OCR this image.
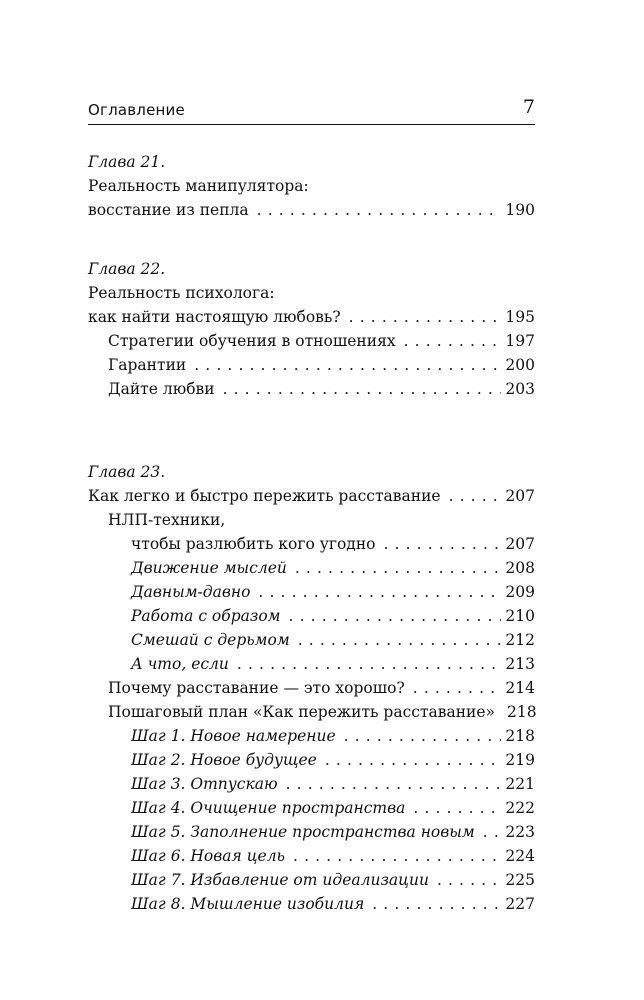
Оглавление	7
Глава 21.
Реальность манипулятора:
восстание из пепла . . .	190
Глава 22.
Реальность психолога:
как найти настоящую любовь? . . .	195
Стратегии обучения в отношениях . . .	197
Гарантии . . .	200
Дайте любви . . .	203
Глава 23.
Как легко и быстро пережить расставание . . .	207
НЛП-техники,
чтобы разлюбить кого угодно . . .	207
Движение мыслей . . .	208
Давным-давно . . .	209
Работа с образом . . .	210
Смешай с дерьмом . . .	212
А что, если . . .	213
Почему расставание — это хорошо? . . .	214
Пошаговый план «Как пережить расставание» 218
Шаг 1. Новое намерение . . .	218
Шаг 2. Новое будущее . . .	219
Шаг 3. Отпускаю . . .	221
Шаг 4. Очищение пространства . . .	222
Шаг 5. Заполнение пространства новым . . . 223
Шаг 6. Новая цель . . .	224
Шаг 7. Избавление от идеализации . . .	225
Шаг 8. Мышление изобилия . . .	227
